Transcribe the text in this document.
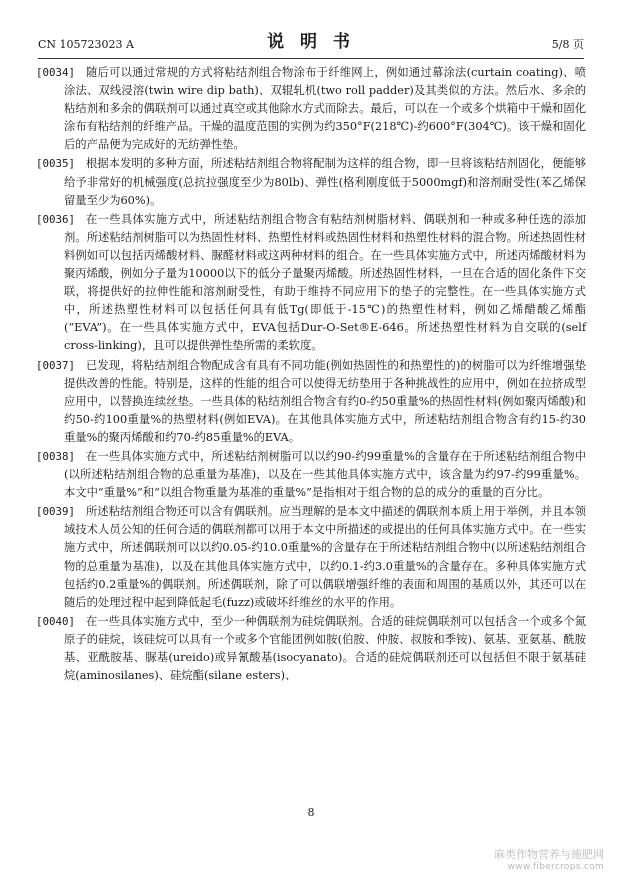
CN 105723023 A	说 明 书	5/8 页
[0034] 随后可以通过常规的方式将粘结剂组合物涂布于纤维网上，例如通过幕涂法(curtain coating)、喷涂法、双线浸溶(twin wire dip bath)、双辊轧机(two roll padder)及其类似的方法。然后水、多余的粘结剂和多余的偶联剂可以通过真空或其他除水方式而除去。最后，可以在一个或多个烘箱中干燥和固化涂布有粘结剂的纤维产品。干燥的温度范围的实例为约350°F(218℃)-约600°F(304℃)。该干燥和固化后的产品便为完成好的无纺弹性垫。
[0035] 根据本发明的多种方面，所述粘结剂组合物将配制为这样的组合物，即一旦将该粘结剂固化，便能够给予非常好的机械强度(总抗拉强度至少为80lb)、弹性(格利刚度低于5000mgf)和溶剂耐受性(苯乙烯保留量至少为60%)。
[0036] 在一些具体实施方式中，所述粘结剂组合物含有粘结剂树脂材料、偶联剂和一种或多种任选的添加剂。所述粘结剂树脂可以为热固性材料、热塑性材料或热固性材料和热塑性材料的混合物。所述热固性材料例如可以包括丙烯酸材料、脲醛材料或这两种材料的组合。在一些具体实施方式中，所述丙烯酸材料为聚丙烯酸，例如分子量为10000以下的低分子量聚丙烯酸。所述热固性材料，一旦在合适的固化条件下交联，将提供好的拉伸性能和溶剂耐受性，有助于维持不同应用下的垫子的完整性。在一些具体实施方式中，所述热塑性材料可以包括任何具有低Tg(即低于-15℃)的热塑性材料，例如乙烯醋酸乙烯酯(“EVA”)。在一些具体实施方式中，EVA包括Dur-O-Set®E-646。所述热塑性材料为自交联的(self cross-linking)，且可以提供弹性垫所需的柔软度。
[0037] 已发现，将粘结剂组合物配成含有具有不同功能(例如热固性的和热塑性的)的树脂可以为纤维增强垫提供改善的性能。特别是，这样的性能的组合可以使得无纺垫用于各种挑战性的应用中，例如在拉挤成型应用中，以替换连续丝垫。一些具体的粘结剂组合物含有约0-约50重量%的热固性材料(例如聚丙烯酸)和约50-约100重量%的热塑材料(例如EVA)。在其他具体实施方式中，所述粘结剂组合物含有约15-约30重量%的聚丙烯酸和约70-约85重量%的EVA。
[0038] 在一些具体实施方式中，所述粘结剂树脂可以以约90-约99重量%的含量存在于所述粘结剂组合物中(以所述粘结剂组合物的总重量为基准)，以及在一些其他具体实施方式中，该含量为约97-约99重量%。本文中“重量%”和“以组合物重量为基准的重量%”是指相对于组合物的总的成分的重量的百分比。
[0039] 所述粘结剂组合物还可以含有偶联剂。应当理解的是本文中描述的偶联剂本质上用于举例，并且本领域技术人员公知的任何合适的偶联剂都可以用于本文中所描述的或提出的任何具体实施方式中。在一些实施方式中，所述偶联剂可以以约0.05-约10.0重量%的含量存在于所述粘结剂组合物中(以所述粘结剂组合物的总重量为基准)，以及在其他具体实施方式中，以约0.1-约3.0重量%的含量存在。多种具体实施方式包括约0.2重量%的偶联剂。所述偶联剂，除了可以偶联增强纤维的表面和周围的基质以外，其还可以在随后的处理过程中起到降低起毛(fuzz)或破坏纤维丝的水平的作用。
[0040] 在一些具体实施方式中，至少一种偶联剂为硅烷偶联剂。合适的硅烷偶联剂可以包括含一个或多个氮原子的硅烷，该硅烷可以具有一个或多个官能团例如胺(伯胺、仲胺、叔胺和季铵)、氨基、亚氨基、酰胺基、亚酰胺基、脲基(ureido)或异氰酸基(isocyanato)。合适的硅烷偶联剂还可以包括但不限于氨基硅烷(aminosilanes)、硅烷酯(silane esters)、
8
麻类作物营养与施肥网
www.fibercrops.com
